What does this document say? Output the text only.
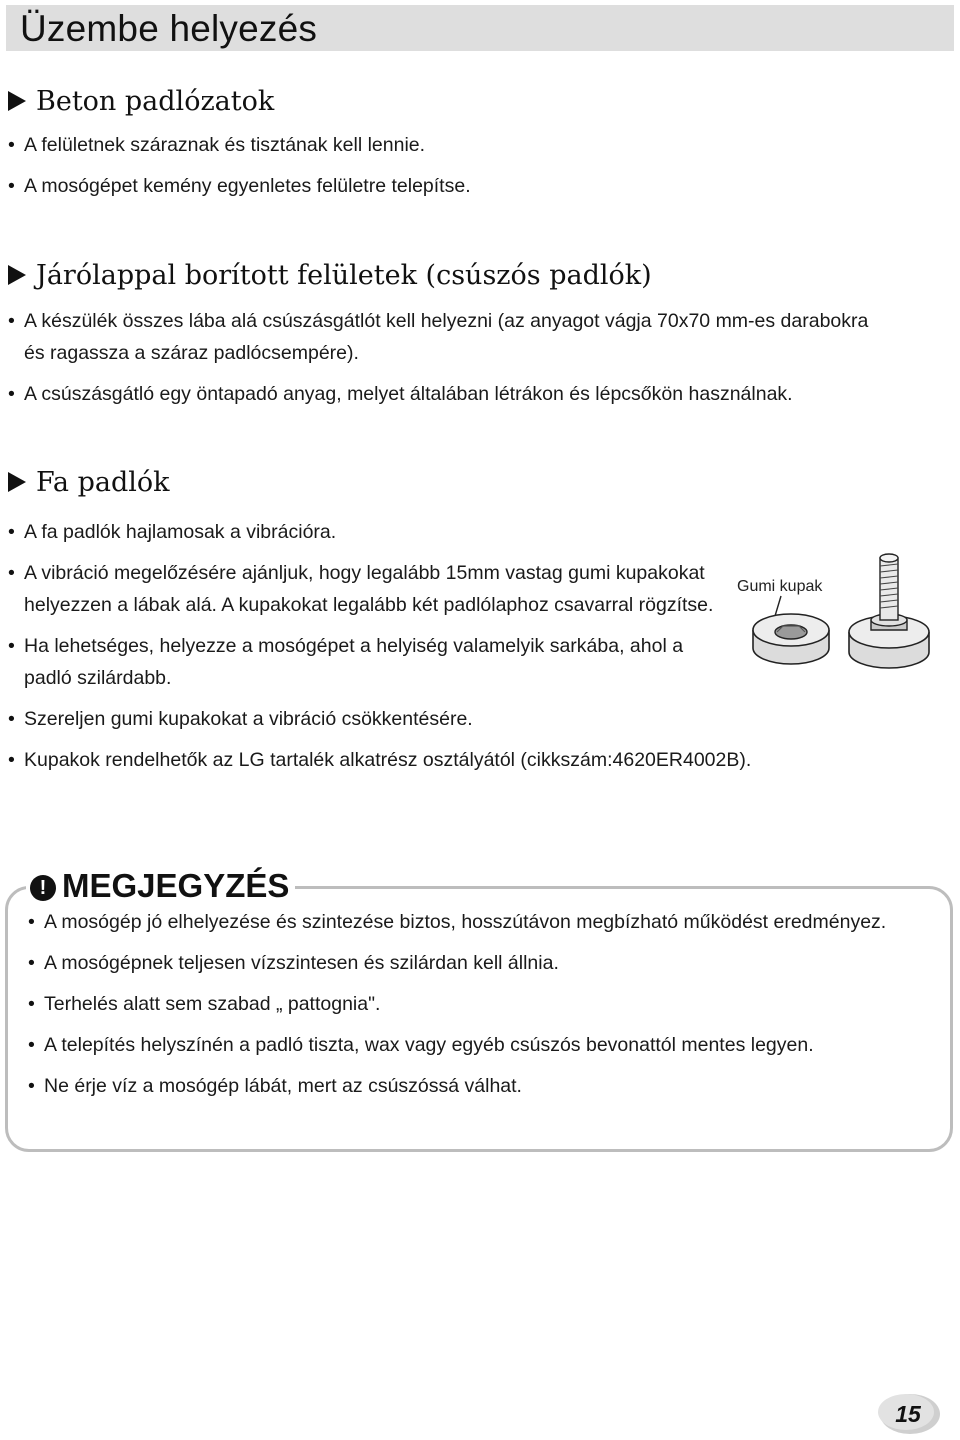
Üzembe helyezés
Beton padlózatok
• A felületnek száraznak és tisztának kell lennie.
• A mosógépet kemény egyenletes felületre telepítse.
Járólappal borított felületek (csúszós padlók)
• A készülék összes lába alá csúszásgátlót kell helyezni (az anyagot vágja 70x70 mm-es darabokra és ragassza a száraz padlócsempére).
• A csúszásgátló egy öntapadó anyag, melyet általában létrákon és lépcsőkön használnak.
Fa padlók
• A fa padlók hajlamosak a vibrációra.
• A vibráció megelőzésére ajánljuk, hogy legalább 15mm vastag gumi kupakokat helyezzen a lábak alá. A kupakokat legalább két padlólaphoz csavarral rögzítse.
• Ha lehetséges, helyezze a mosógépet a helyiség valamelyik sarkába, ahol a padló szilárdabb.
• Szereljen gumi kupakokat a vibráció csökkentésére.
• Kupakok rendelhetők az LG tartalék alkatrész osztályától (cikkszám:4620ER4002B).
Gumi kupak
! MEGJEGYZÉS
• A mosógép jó elhelyezése és szintezése biztos, hosszútávon megbízható működést eredményez.
• A mosógépnek teljesen vízszintesen és szilárdan kell állnia.
• Terhelés alatt sem szabad „ pattognia".
• A telepítés helyszínén a padló tiszta, wax vagy egyéb csúszós bevonattól mentes legyen.
• Ne érje víz a mosógép lábát, mert az csúszóssá válhat.
15
